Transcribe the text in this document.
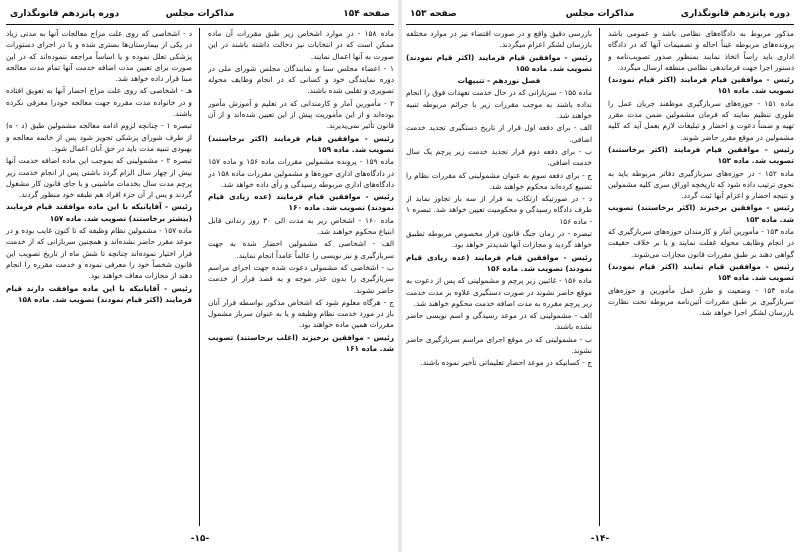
صفحه ۱۵۴
مذاکرات مجلس
دوره پانزدهم قانونگذاری

ماده ۱۵۸ - در موارد اشخاص زیر طبق مقررات آن ماده ممکن است که در انتخابات نیز دخالت داشته باشند در این صورت به آنها اعمال نمایند.

۱ - اعضاء مجلس سنا و نمایندگان مجلس شورای ملی در دوره نمایندگی خود و کسانی که در انجام وظایف محوله تصویری و تقلبی شده باشند.

۲ - مأمورین آمار و کارمندانی که در تعلیم و آموزش مأمور بوده‌اند و از این مأموریت پیش از این تعیین شده‌اند و از آن قانون تأثیر نمی‌پذیرند.

رئیس - موافقین قیام فرمایند (اکثر برخاستند) تصویب شد. ماده ۱۵۹

ماده ۱۵۹ - پرونده مشمولین مقررات ماده ۱۵۶ و ماده ۱۵۷ در دادگاه‌های اداری حوزه‌ها و مشمولین مقررات ماده ۱۵۸ در دادگاه‌های اداری مربوطه رسیدگی و رأی داده خواهد شد.

رئیس - موافقین قیام فرمایند (عده زیادی قیام نمودند) تصویب شد. ماده ۱۶۰

ماده ۱۶۰ - اشخاص زیر به مدت الی ۳۰ روز زندانی قابل ابتیاع محکوم خواهند شد.

الف - اشخاصی که مشمولین احضار شده به جهت سربازگیری و نیز نویسی را عالماً عامداً انجام نمایند.

ب - اشخاصی که مشمولی دعوت شده جهت اجرای مراسم سربازگیری را بدون عذر موجه و به قصد فرار از خدمت حاضر نشوند.

ج - هرگاه معلوم شود که اشخاص مذکور بواسطه فرار آنان باز در مورد خدمت نظام وظیفه و یا به عنوان سرباز مشمول مقررات همین ماده خواهند بود.

رئیس - موافقین برخیزند (اغلب برخاستند) تصویب شد. ماده ۱۶۱

د - اشخاصی که روی علت مزاج معالجات آنها به مدتی زیاد در یکی از بیمارستان‌ها بستری شده و یا در اجرای دستورات پزشکی تعلل نموده و یا اساساً مراجعه ننموده‌اند که در این صورت برای تعیین مدت اضافه خدمت آنها تمام مدت معالجه مبنا قرار داده خواهد شد.

هـ - اشخاصی که روی علت مزاج احضار آنها به تعویق افتاده و در خانواده مدت مقرره جهت معالجه خودرا معرفی نکرده باشند.

تبصره ۱ - چنانچه لزوم ادامه معالجه مشمولین طبق (د - ه) از طرف شورای پزشکی تجویز شود پس از خاتمه معالجه و بهبودی تنبیه مدت باید در حق آنان اعمال شود.

تبصره ۲ - مشمولینی که بموجب این ماده اضافه خدمت آنها بیش از چهار سال الزام گردد باشتی پس از انجام خدمت زیر پرچم مدت سال بخدمات ماشینی و یا جای قانون کار مشغول گردند و پس از آن جزء افراد هم طبقه خود منظور گردند.

رئیس - آقایانیکه با این ماده موافقند قیام فرمایند (بیشتر برخاستند) تصویب شد. ماده ۱۵۷

ماده ۱۵۷ - مشمولین نظام وظیفه که تا کنون غایب بوده و در موعد مقرر حاضر نشده‌اند و همچنین سربازانی که از خدمت فرار اختیار نموده‌اند چنانچه تا شش ماه از تاریخ تصویب این قانون شخصاً خود را معرفی نموده و خدمت مقرره را انجام دهند از مجازات معاف خواهند بود.

رئیس - آقایانیکه با این ماده موافقت دارند قیام فرمایند (اکثر قیام نمودند) تصویب شد. ماده ۱۵۸

-۱۵-
دوره پانزدهم قانونگذاری
مذاکرات مجلس
صفحه ۱۵۳

مذکور مربوط به دادگاه‌های نظامی باشد و عمومی باشد پرونده‌های مربوطه عیناً احاله و تصمیمات آنها که در دادگاه اداری باید راساً اتخاذ نمایند بمنظور صدور تصویب‌نامه و دستور اجرا جهت فرماندهی نظامی منطقه ارسال میگردد.

رئیس - موافقین قیام فرمایند (اکثر قیام نمودند) تصویب شد. ماده ۱۵۱

ماده ۱۵۱ - حوزه‌های سربازگیری موظفند جریان عمل را طوری تنظیم نمایند که فرمان مشمولین ضمن مدت مقرر تهیه و ضمناً دعوت و احضار و تبلیغات لازم بعمل آید که کلیه مشمولین در موقع مقرر حاضر شوند.

رئیس - موافقین قیام فرمایند (اکثر برخاستند) تصویب شد. ماده ۱۵۲

ماده ۱۵۲ - در حوزه‌های سربازگیری دفاتر مربوطه باید به نحوی ترتیب داده شود که تاریخچه اوراق سری کلیه مشمولین و نتیجه احضار و اعزام آنها ثبت گردد.

رئیس - موافقین برخیزند (اکثر برخاستند) تصویب شد. ماده ۱۵۳

ماده ۱۵۳ - مأمورین آمار و کارمندان حوزه‌های سربازگیری که در انجام وظایف محوله غفلت نمایند و یا بر خلاف حقیقت گواهی دهند بر طبق مقررات قانون مجازات می‌شوند.

رئیس - موافقین قیام نمایند (اکثر قیام نمودند) تصویب شد. ماده ۱۵۴

ماده ۱۵۴ - وضعیت و طرز عمل مأمورین و حوزه‌های سربازگیری بر طبق مقررات آئین‌نامه مربوطه تحت نظارت بازرسان لشکر اجرا خواهد شد.

بازرسی دقیق واقع و در صورت اقتضاء نیز در موارد مختلفه بازرسان لشکر اعزام میگردند.

رئیس - موافقین قیام فرمایند (اکثر قیام نمودند) تصویب شد. ماده ۱۵۵

فصل نوزدهم - تنبیهات

ماده ۱۵۵ - سربازانی که در حال خدمت تعهدات فوق را انجام نداده باشند به موجب مقررات زیر با جرائم مربوطه تنبیه خواهند شد.

الف - برای دفعه اول قرار از تاریخ دستگیری تجدید خدمت اضافی.

ب - برای دفعه دوم قرار تجدید خدمت زیر پرچم یک سال خدمت اضافی.

ج - برای دفعه سوم به عنوان مشمولینی که مقررات نظام را تضییع کرده‌اند محکوم خواهند شد.

د - در صورتیکه ارتکاب به فرار از سه بار تجاوز نماید از طرف دادگاه رسیدگی و محکومیت تعیین خواهد شد. تبصره ۱ - ماده ۱۵۶

تبصره - در زمان جنگ قانون فرار مخصوص مربوطه تطبیق خواهد گردید و مجازات آنها شدیدتر خواهد بود.

رئیس - موافقین قیام فرمایند (عده زیادی قیام نمودند) تصویب شد. ماده ۱۵۶

ماده ۱۵۶ - غائبین زیر پرچم و مشمولینی که پس از دعوت به موقع حاضر نشوند در صورت دستگیری علاوه بر مدت خدمت زیر پرچم مقرره به مدت اضافه خدمت محکوم خواهند شد.

الف - مشمولینی که در موعد رسیدگی و اسم نویسی حاضر نشده باشند.

ب - مشمولینی که در موقع اجرای مراسم سربازگیری حاضر نشوند.

ج - کسانیکه در موعد احضار تعلیماتی تأخیر نموده باشند.

-۱۴-
